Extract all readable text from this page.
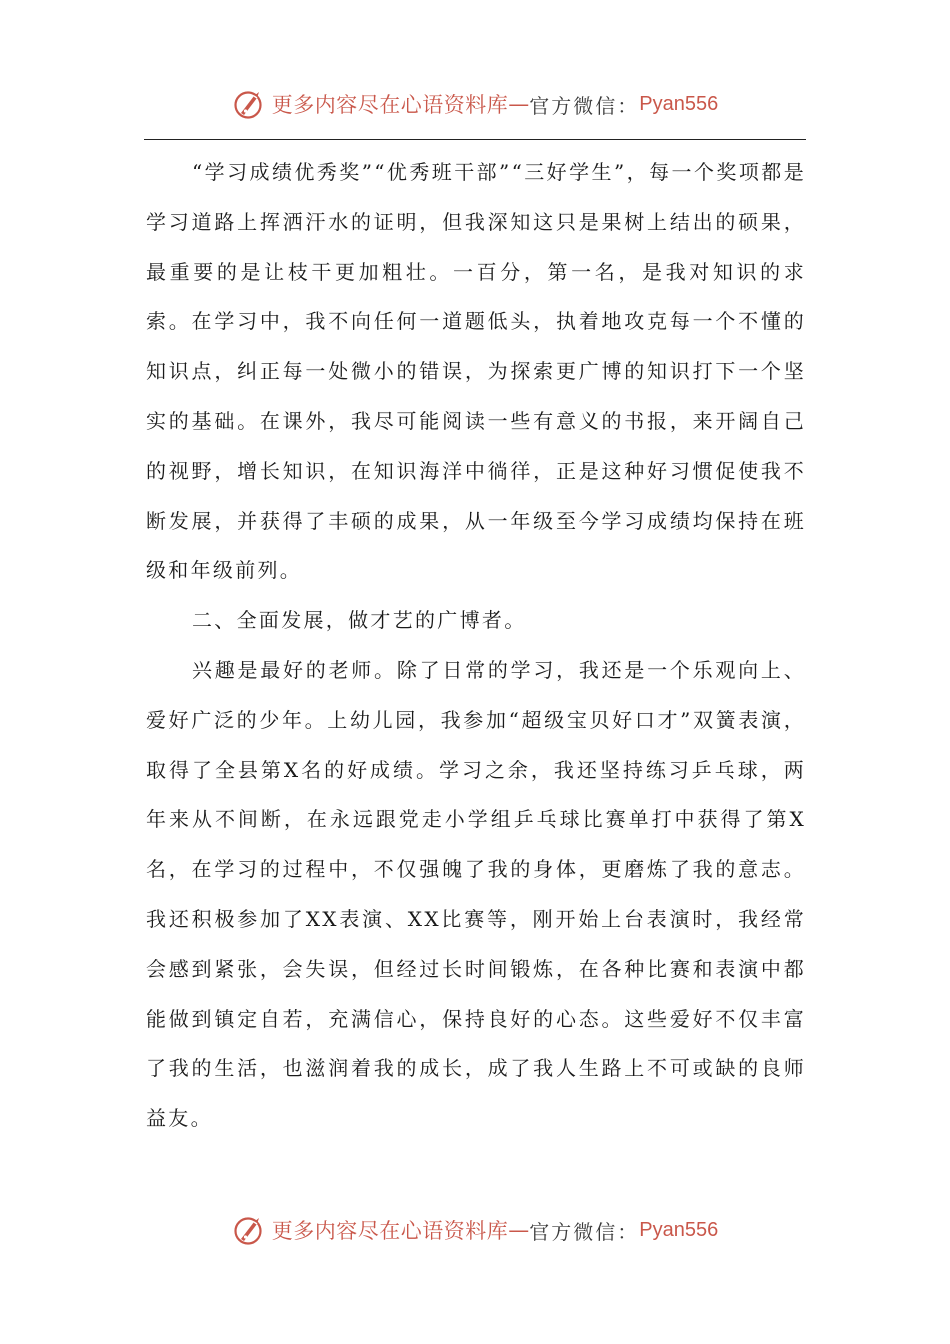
更多内容尽在心语资料库 — 官方微信： Pyan556

“学习成绩优秀奖”“优秀班干部”“三好学生”，每一个奖项都是学习道路上挥洒汗水的证明，但我深知这只是果树上结出的硕果，最重要的是让枝干更加粗壮。一百分，第一名，是我对知识的求索。在学习中，我不向任何一道题低头，执着地攻克每一个不懂的知识点，纠正每一处微小的错误，为探索更广博的知识打下一个坚实的基础。在课外，我尽可能阅读一些有意义的书报，来开阔自己的视野，增长知识，在知识海洋中徜徉，正是这种好习惯促使我不断发展，并获得了丰硕的成果，从一年级至今学习成绩均保持在班级和年级前列。

二、全面发展，做才艺的广博者。

兴趣是最好的老师。除了日常的学习，我还是一个乐观向上、爱好广泛的少年。上幼儿园，我参加“超级宝贝好口才”双簧表演，取得了全县第X名的好成绩。学习之余，我还坚持练习乒乓球，两年来从不间断，在永远跟党走小学组乒乓球比赛单打中获得了第X名，在学习的过程中，不仅强魄了我的身体，更磨炼了我的意志。我还积极参加了XX表演、XX比赛等，刚开始上台表演时，我经常会感到紧张，会失误，但经过长时间锻炼，在各种比赛和表演中都能做到镇定自若，充满信心，保持良好的心态。这些爱好不仅丰富了我的生活，也滋润着我的成长，成了我人生路上不可或缺的良师益友。

更多内容尽在心语资料库 — 官方微信： Pyan556
